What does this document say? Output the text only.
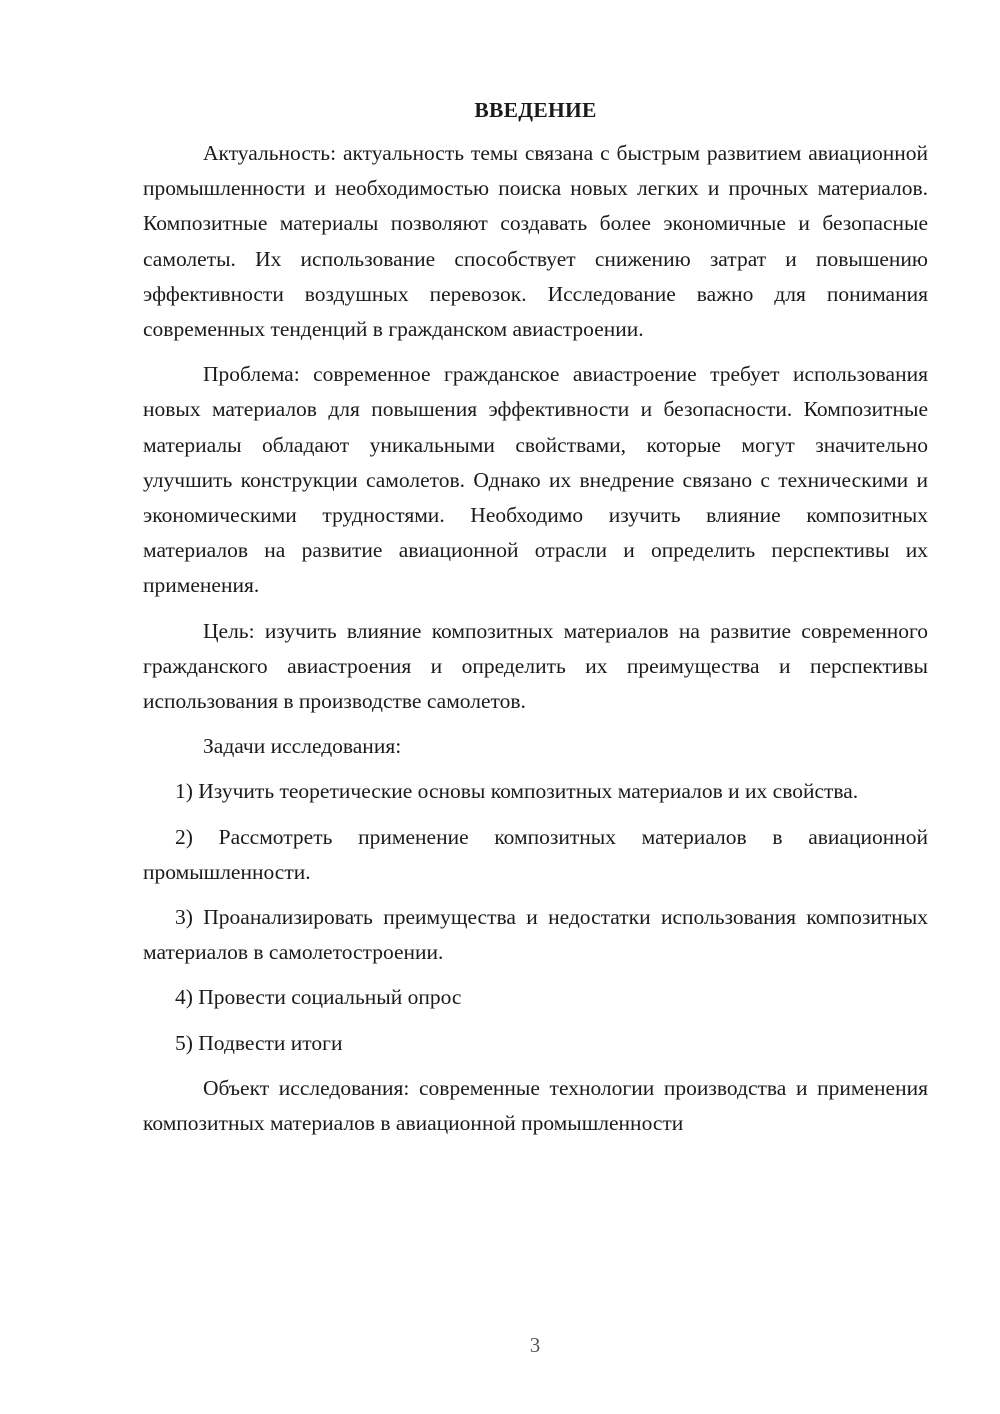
ВВЕДЕНИЕ

Актуальность: актуальность темы связана с быстрым развитием авиационной промышленности и необходимостью поиска новых легких и прочных материалов. Композитные материалы позволяют создавать более экономичные и безопасные самолеты. Их использование способствует снижению затрат и повышению эффективности воздушных перевозок. Исследование важно для понимания современных тенденций в гражданском авиастроении.

Проблема: современное гражданское авиастроение требует использования новых материалов для повышения эффективности и безопасности. Композитные материалы обладают уникальными свойствами, которые могут значительно улучшить конструкции самолетов. Однако их внедрение связано с техническими и экономическими трудностями. Необходимо изучить влияние композитных материалов на развитие авиационной отрасли и определить перспективы их применения.

Цель: изучить влияние композитных материалов на развитие современного гражданского авиастроения и определить их преимущества и перспективы использования в производстве самолетов.

Задачи исследования:

1) Изучить теоретические основы композитных материалов и их свойства.

2) Рассмотреть применение композитных материалов в авиационной промышленности.

3) Проанализировать преимущества и недостатки использования композитных материалов в самолетостроении.

4) Провести социальный опрос

5) Подвести итоги

Объект исследования: современные технологии производства и применения композитных материалов в авиационной промышленности

3
